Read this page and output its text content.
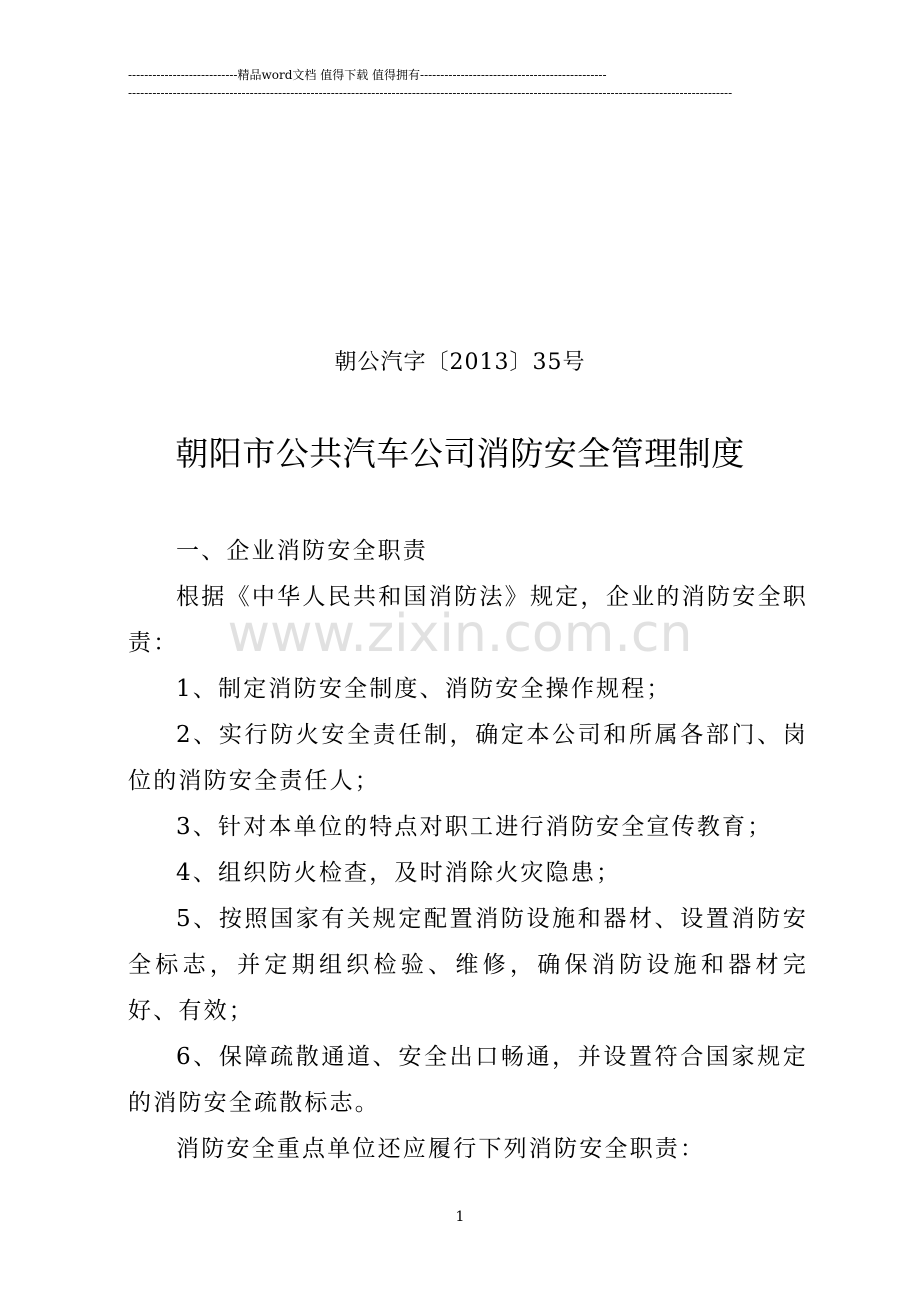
---------------------------精品word文档 值得下载 值得拥有----------------------------------------------
-----------------------------------------------------------------------------------------------------------------------------------------------------
朝公汽字〔2013〕35号
朝阳市公共汽车公司消防安全管理制度

一、企业消防安全职责

根据《中华人民共和国消防法》规定，企业的消防安全职责：

1、制定消防安全制度、消防安全操作规程；

2、实行防火安全责任制，确定本公司和所属各部门、岗位的消防安全责任人；

3、针对本单位的特点对职工进行消防安全宣传教育；

4、组织防火检查，及时消除火灾隐患；

5、按照国家有关规定配置消防设施和器材、设置消防安全标志，并定期组织检验、维修，确保消防设施和器材完好、有效；

6、保障疏散通道、安全出口畅通，并设置符合国家规定的消防安全疏散标志。

消防安全重点单位还应履行下列消防安全职责：

www.zixin.com.cn
1
